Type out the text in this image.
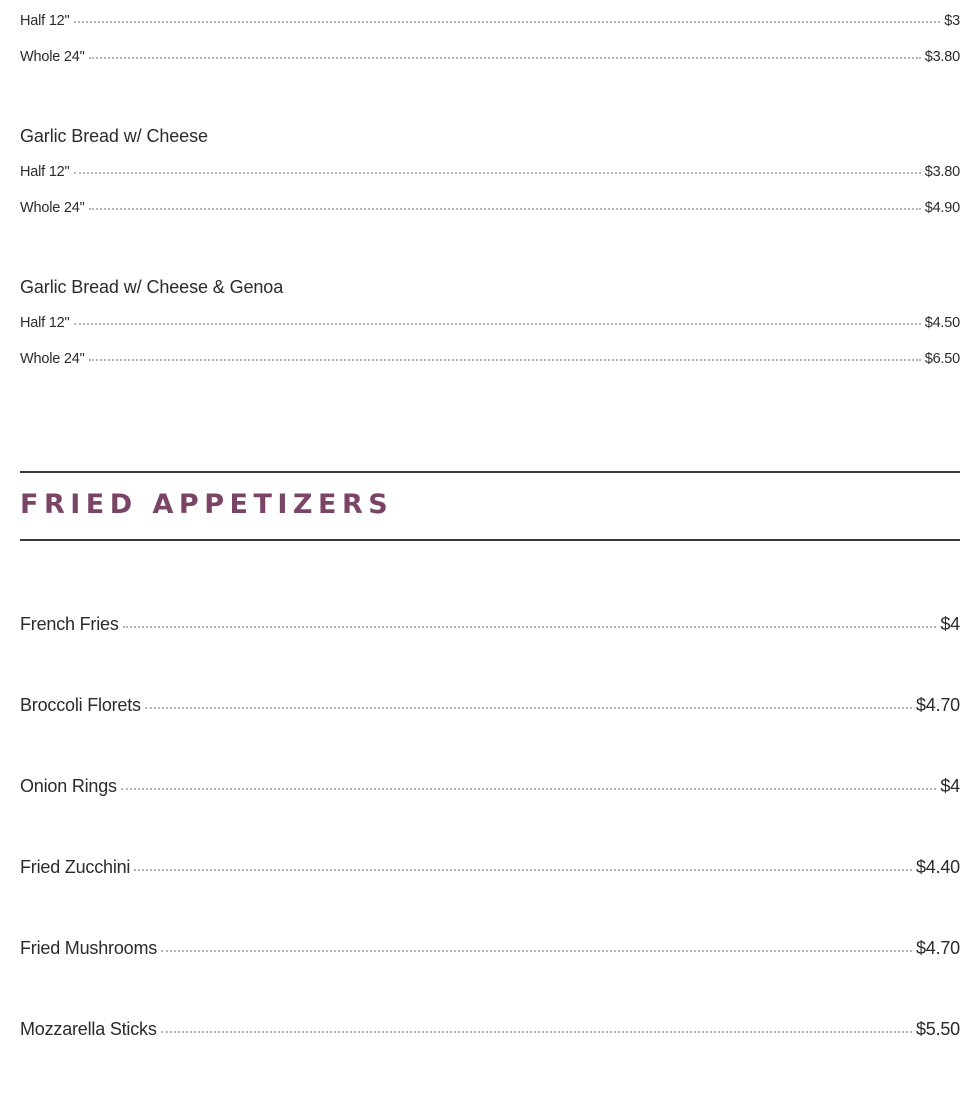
Half 12"	$3
Whole 24"	$3.80
Garlic Bread w/ Cheese
Half 12"	$3.80
Whole 24"	$4.90
Garlic Bread w/ Cheese & Genoa
Half 12"	$4.50
Whole 24"	$6.50
FRIED APPETIZERS
French Fries	$4
Broccoli Florets	$4.70
Onion Rings	$4
Fried Zucchini	$4.40
Fried Mushrooms	$4.70
Mozzarella Sticks	$5.50
